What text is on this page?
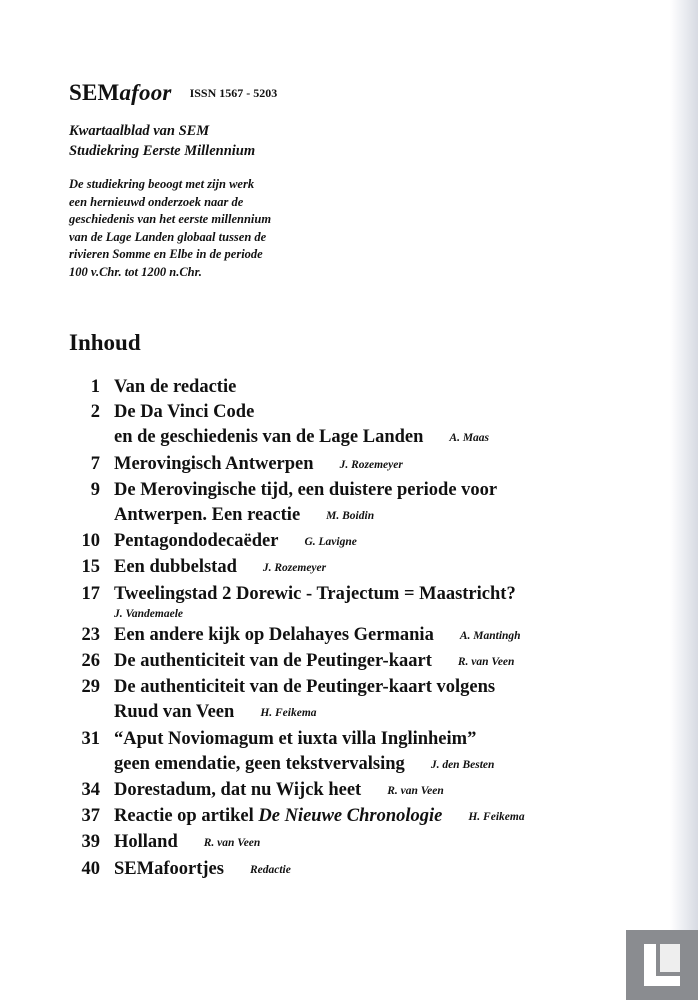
SEMafoor ISSN 1567 - 5203
Kwartaalblad van SEM
Studiekring Eerste Millennium
De studiekring beoogt met zijn werk
een hernieuwd onderzoek naar de
geschiedenis van het eerste millennium
van de Lage Landen globaal tussen de
rivieren Somme en Elbe in de periode
100 v.Chr. tot 1200 n.Chr.
Inhoud
1 Van de redactie
2 De Da Vinci Code
en de geschiedenis van de Lage Landen A. Maas
7 Merovingisch Antwerpen J. Rozemeyer
9 De Merovingische tijd, een duistere periode voor
Antwerpen. Een reactie M. Boidin
10 Pentagondodecaëder G. Lavigne
15 Een dubbelstad J. Rozemeyer
17 Tweelingstad 2 Dorewic - Trajectum = Maastricht?
J. Vandemaele
23 Een andere kijk op Delahayes Germania A. Mantingh
26 De authenticiteit van de Peutinger-kaart R. van Veen
29 De authenticiteit van de Peutinger-kaart volgens
Ruud van Veen H. Feikema
31 “Aput Noviomagum et iuxta villa Inglinheim”
geen emendatie, geen tekstvervalsing J. den Besten
34 Dorestadum, dat nu Wijck heet R. van Veen
37 Reactie op artikel De Nieuwe Chronologie H. Feikema
39 Holland R. van Veen
40 SEMafoortjes Redactie
